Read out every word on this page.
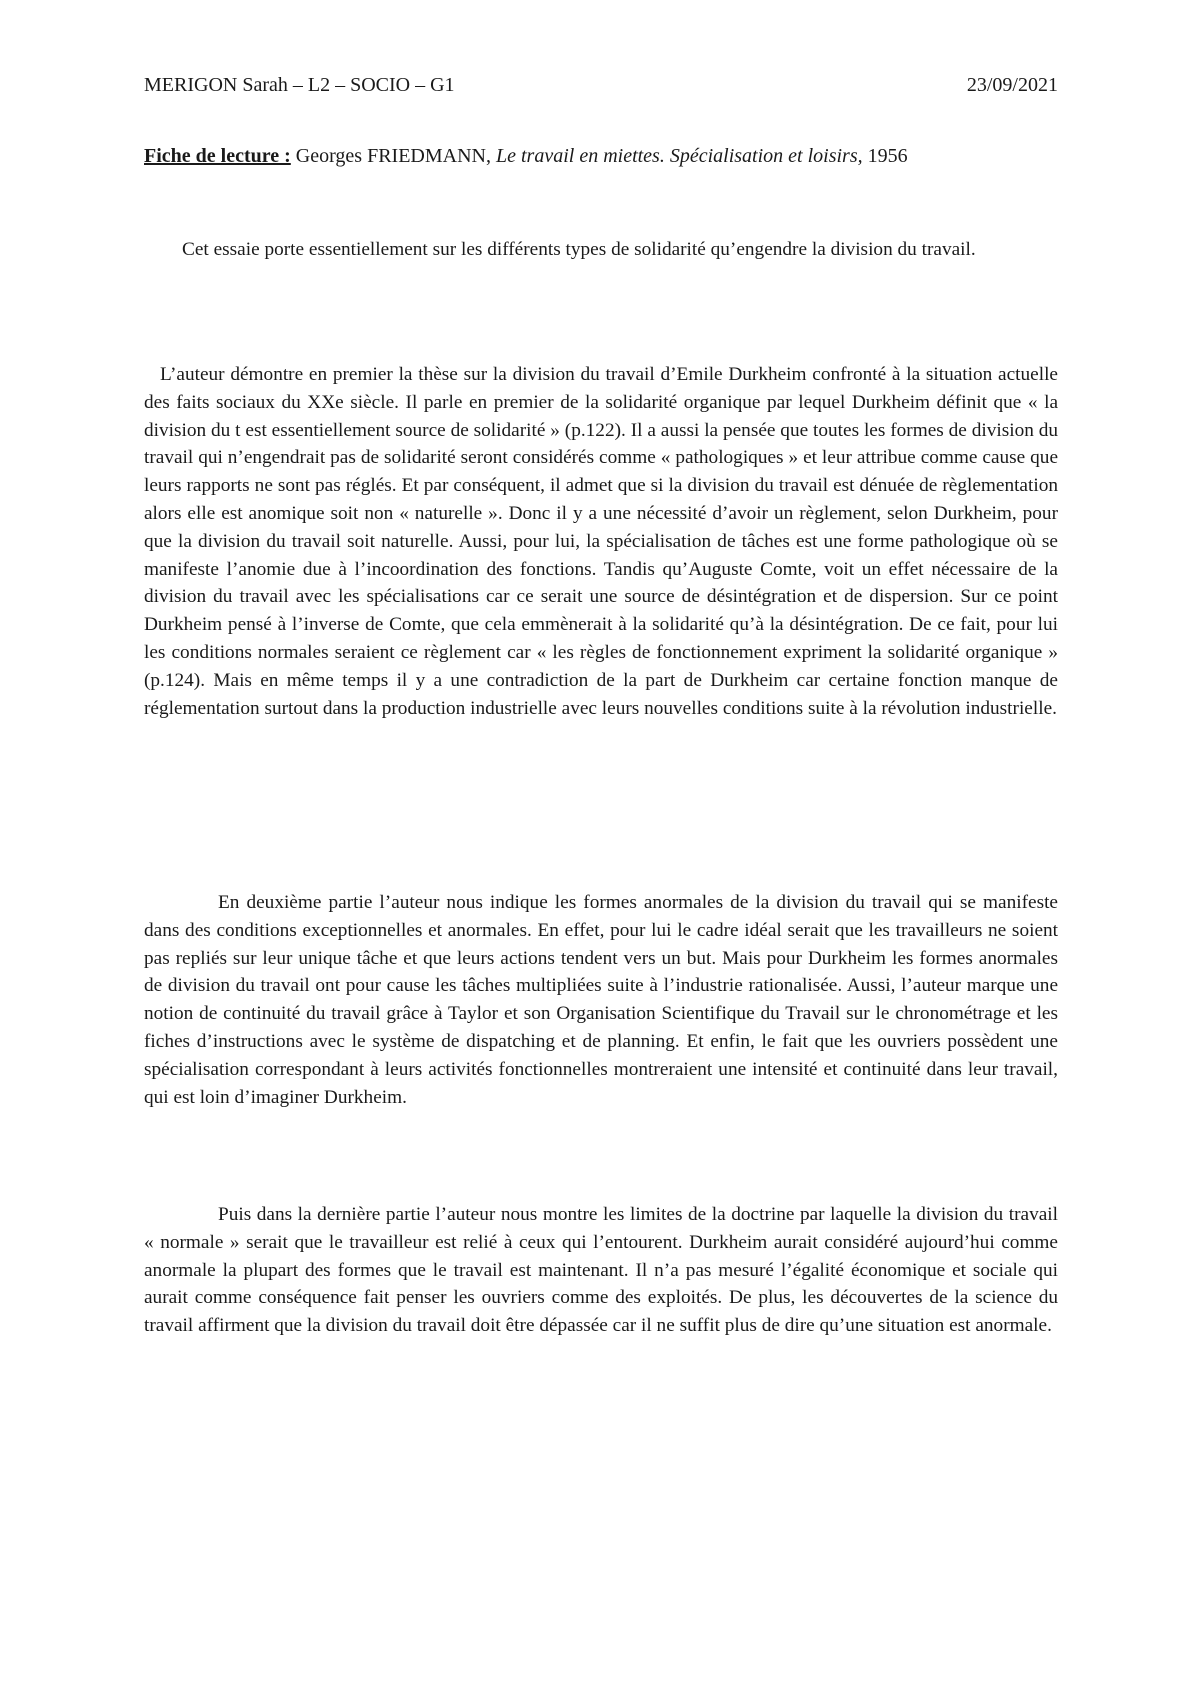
MERIGON Sarah – L2 – SOCIO – G1	23/09/2021
Fiche de lecture : Georges FRIEDMANN, Le travail en miettes. Spécialisation et loisirs, 1956

Cet essaie porte essentiellement sur les différents types de solidarité qu’engendre la division du travail.

L’auteur démontre en premier la thèse sur la division du travail d’Emile Durkheim confronté à la situation actuelle des faits sociaux du XXe siècle. Il parle en premier de la solidarité organique par lequel Durkheim définit que « la division du t est essentiellement source de solidarité » (p.122). Il a aussi la pensée que toutes les formes de division du travail qui n’engendrait pas de solidarité seront considérés comme « pathologiques » et leur attribue comme cause que leurs rapports ne sont pas réglés. Et par conséquent, il admet que si la division du travail est dénuée de règlementation alors elle est anomique soit non « naturelle ». Donc il y a une nécessité d’avoir un règlement, selon Durkheim, pour que la division du travail soit naturelle. Aussi, pour lui, la spécialisation de tâches est une forme pathologique où se manifeste l’anomie due à l’incoordination des fonctions. Tandis qu’Auguste Comte, voit un effet nécessaire de la division du travail avec les spécialisations car ce serait une source de désintégration et de dispersion. Sur ce point Durkheim pensé à l’inverse de Comte, que cela emmènerait à la solidarité qu’à la désintégration. De ce fait, pour lui les conditions normales seraient ce règlement car « les règles de fonctionnement expriment la solidarité organique » (p.124). Mais en même temps il y a une contradiction de la part de Durkheim car certaine fonction manque de réglementation surtout dans la production industrielle avec leurs nouvelles conditions suite à la révolution industrielle.

En deuxième partie l’auteur nous indique les formes anormales de la division du travail qui se manifeste dans des conditions exceptionnelles et anormales. En effet, pour lui le cadre idéal serait que les travailleurs ne soient pas repliés sur leur unique tâche et que leurs actions tendent vers un but. Mais pour Durkheim les formes anormales de division du travail ont pour cause les tâches multipliées suite à l’industrie rationalisée. Aussi, l’auteur marque une notion de continuité du travail grâce à Taylor et son Organisation Scientifique du Travail sur le chronométrage et les fiches d’instructions avec le système de dispatching et de planning. Et enfin, le fait que les ouvriers possèdent une spécialisation correspondant à leurs activités fonctionnelles montreraient une intensité et continuité dans leur travail, qui est loin d’imaginer Durkheim.

Puis dans la dernière partie l’auteur nous montre les limites de la doctrine par laquelle la division du travail « normale » serait que le travailleur est relié à ceux qui l’entourent. Durkheim aurait considéré aujourd’hui comme anormale la plupart des formes que le travail est maintenant. Il n’a pas mesuré l’égalité économique et sociale qui aurait comme conséquence fait penser les ouvriers comme des exploités. De plus, les découvertes de la science du travail affirment que la division du travail doit être dépassée car il ne suffit plus de dire qu’une situation est anormale.
